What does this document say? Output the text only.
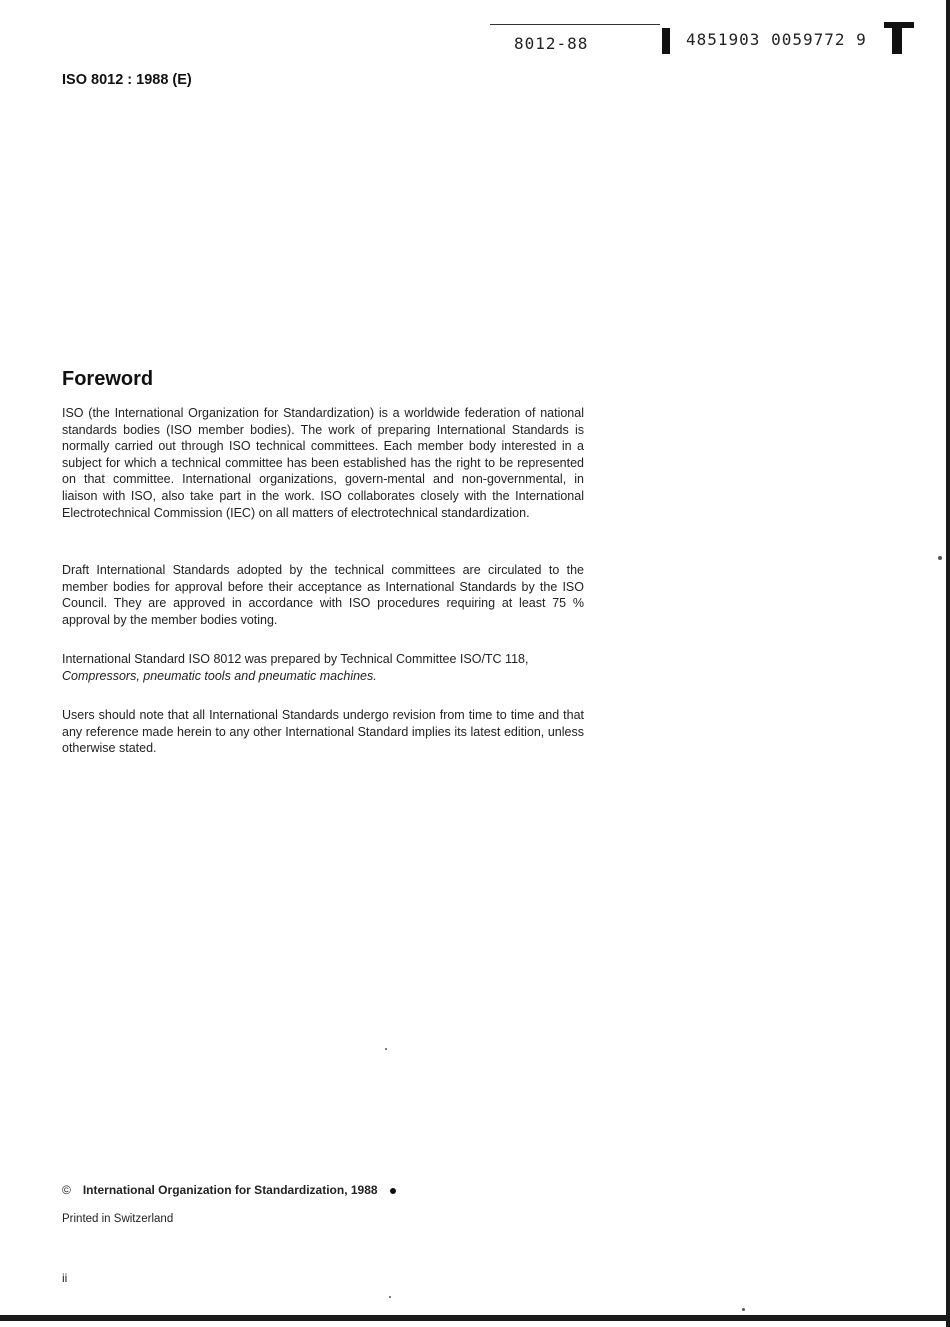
8012-88	4851903 0059772 9
ISO 8012 : 1988 (E)
Foreword

ISO (the International Organization for Standardization) is a worldwide federation of national standards bodies (ISO member bodies). The work of preparing International Standards is normally carried out through ISO technical committees. Each member body interested in a subject for which a technical committee has been established has the right to be represented on that committee. International organizations, govern-mental and non-governmental, in liaison with ISO, also take part in the work. ISO collaborates closely with the International Electrotechnical Commission (IEC) on all matters of electrotechnical standardization.

Draft International Standards adopted by the technical committees are circulated to the member bodies for approval before their acceptance as International Standards by the ISO Council. They are approved in accordance with ISO procedures requiring at least 75 % approval by the member bodies voting.

International Standard ISO 8012 was prepared by Technical Committee ISO/TC 118,
Compressors, pneumatic tools and pneumatic machines.

Users should note that all International Standards undergo revision from time to time and that any reference made herein to any other International Standard implies its latest edition, unless otherwise stated.

© International Organization for Standardization, 1988
Printed in Switzerland
ii
